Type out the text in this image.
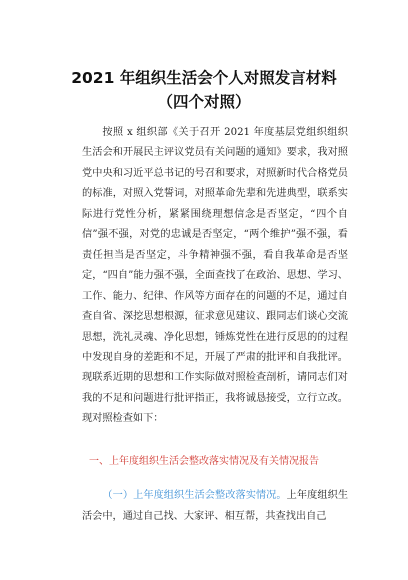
2021 年组织生活会个人对照发言材料
（四个对照）

按照 x 组织部《关于召开 2021 年度基层党组织组织生活会和开展民主评议党员有关问题的通知》要求，我对照党中央和习近平总书记的号召和要求，对照新时代合格党员的标准，对照入党誓词，对照革命先辈和先进典型，联系实际进行党性分析，紧紧围绕理想信念是否坚定，“四个自信”强不强，对党的忠诚是否坚定，“两个维护”强不强，看责任担当是否坚定，斗争精神强不强，看自我革命是否坚定，“四自”能力强不强，全面查找了在政治、思想、学习、工作、能力、纪律、作风等方面存在的问题的不足，通过自查自省、深挖思想根源，征求意见建议、跟同志们谈心交流思想，洗礼灵魂、净化思想，锤炼党性在进行反思的的过程中发现自身的差距和不足，开展了严肃的批评和自我批评。现联系近期的思想和工作实际做对照检查剖析，请同志们对我的不足和问题进行批评指正，我将诚恳接受，立行立改。现对照检查如下：

一、上年度组织生活会整改落实情况及有关情况报告

（一）上年度组织生活会整改落实情况。上年度组织生活会中，通过自己找、大家评、相互帮，共查找出自己
